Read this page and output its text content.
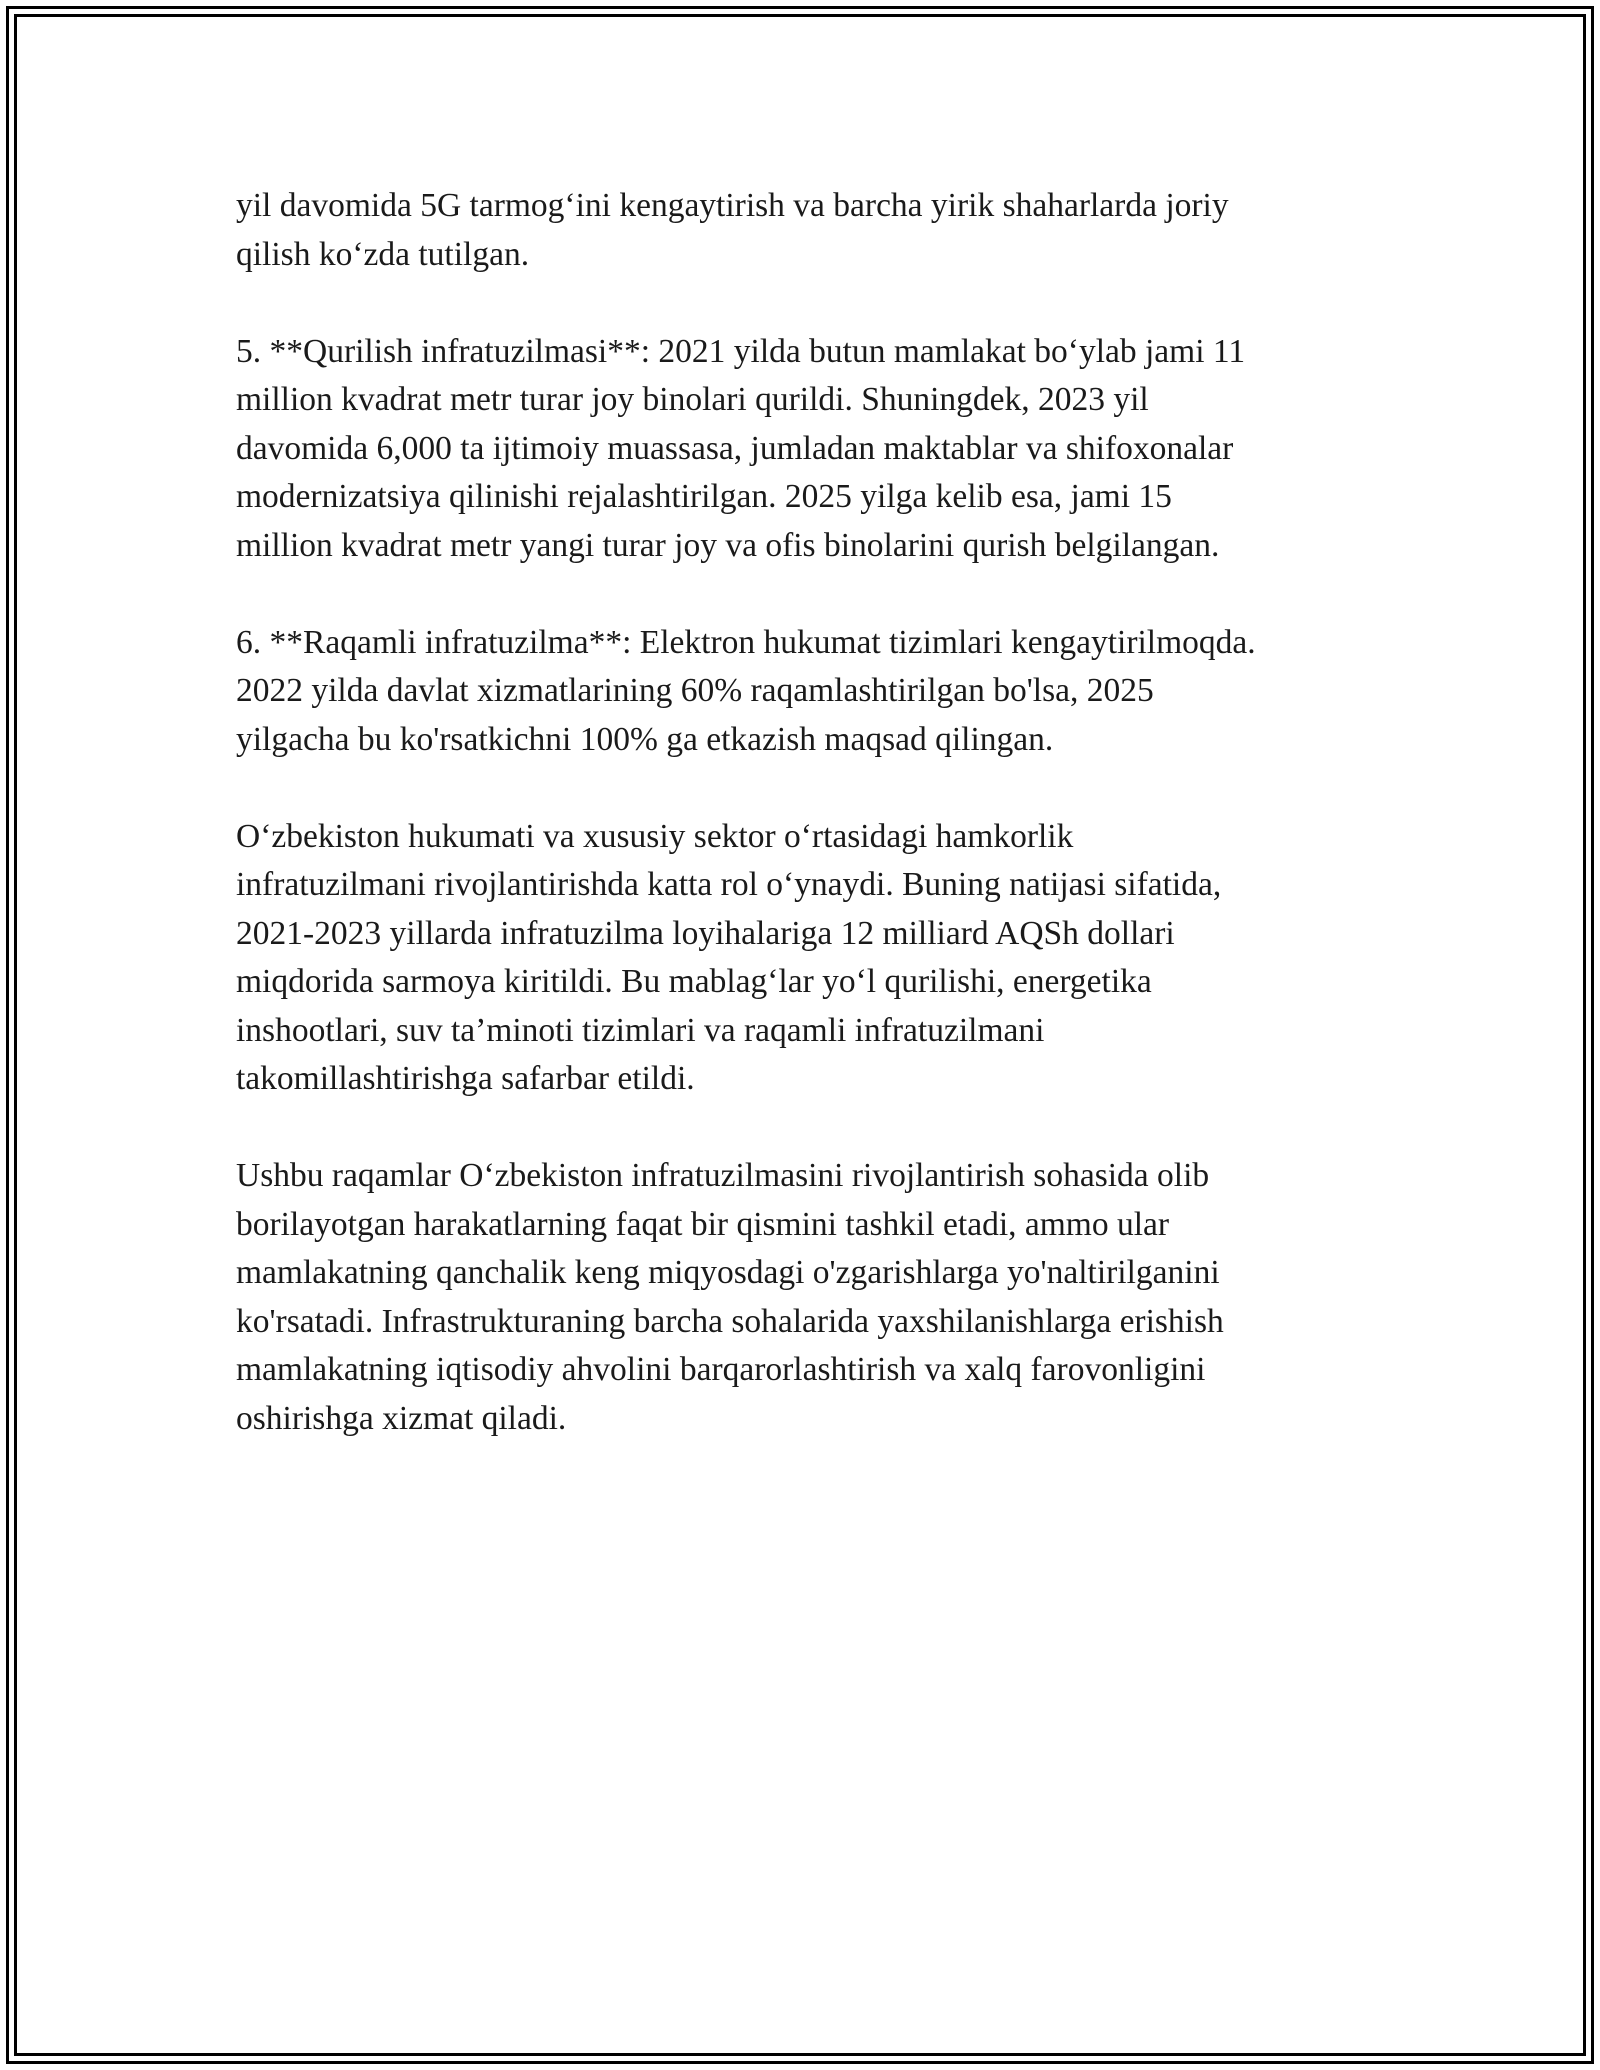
yil davomida 5G tarmog‘ini kengaytirish va barcha yirik shaharlarda joriy
qilish ko‘zda tutilgan.

5. **Qurilish infratuzilmasi**: 2021 yilda butun mamlakat bo‘ylab jami 11
million kvadrat metr turar joy binolari qurildi. Shuningdek, 2023 yil
davomida 6,000 ta ijtimoiy muassasa, jumladan maktablar va shifoxonalar
modernizatsiya qilinishi rejalashtirilgan. 2025 yilga kelib esa, jami 15
million kvadrat metr yangi turar joy va ofis binolarini qurish belgilangan.

6. **Raqamli infratuzilma**: Elektron hukumat tizimlari kengaytirilmoqda.
2022 yilda davlat xizmatlarining 60% raqamlashtirilgan bo'lsa, 2025
yilgacha bu ko'rsatkichni 100% ga etkazish maqsad qilingan.

O‘zbekiston hukumati va xususiy sektor o‘rtasidagi hamkorlik
infratuzilmani rivojlantirishda katta rol o‘ynaydi. Buning natijasi sifatida,
2021-2023 yillarda infratuzilma loyihalariga 12 milliard AQSh dollari
miqdorida sarmoya kiritildi. Bu mablag‘lar yo‘l qurilishi, energetika
inshootlari, suv ta’minoti tizimlari va raqamli infratuzilmani
takomillashtirishga safarbar etildi.

Ushbu raqamlar O‘zbekiston infratuzilmasini rivojlantirish sohasida olib
borilayotgan harakatlarning faqat bir qismini tashkil etadi, ammo ular
mamlakatning qanchalik keng miqyosdagi o'zgarishlarga yo'naltirilganini
ko'rsatadi. Infrastrukturaning barcha sohalarida yaxshilanishlarga erishish
mamlakatning iqtisodiy ahvolini barqarorlashtirish va xalq farovonligini
oshirishga xizmat qiladi.
